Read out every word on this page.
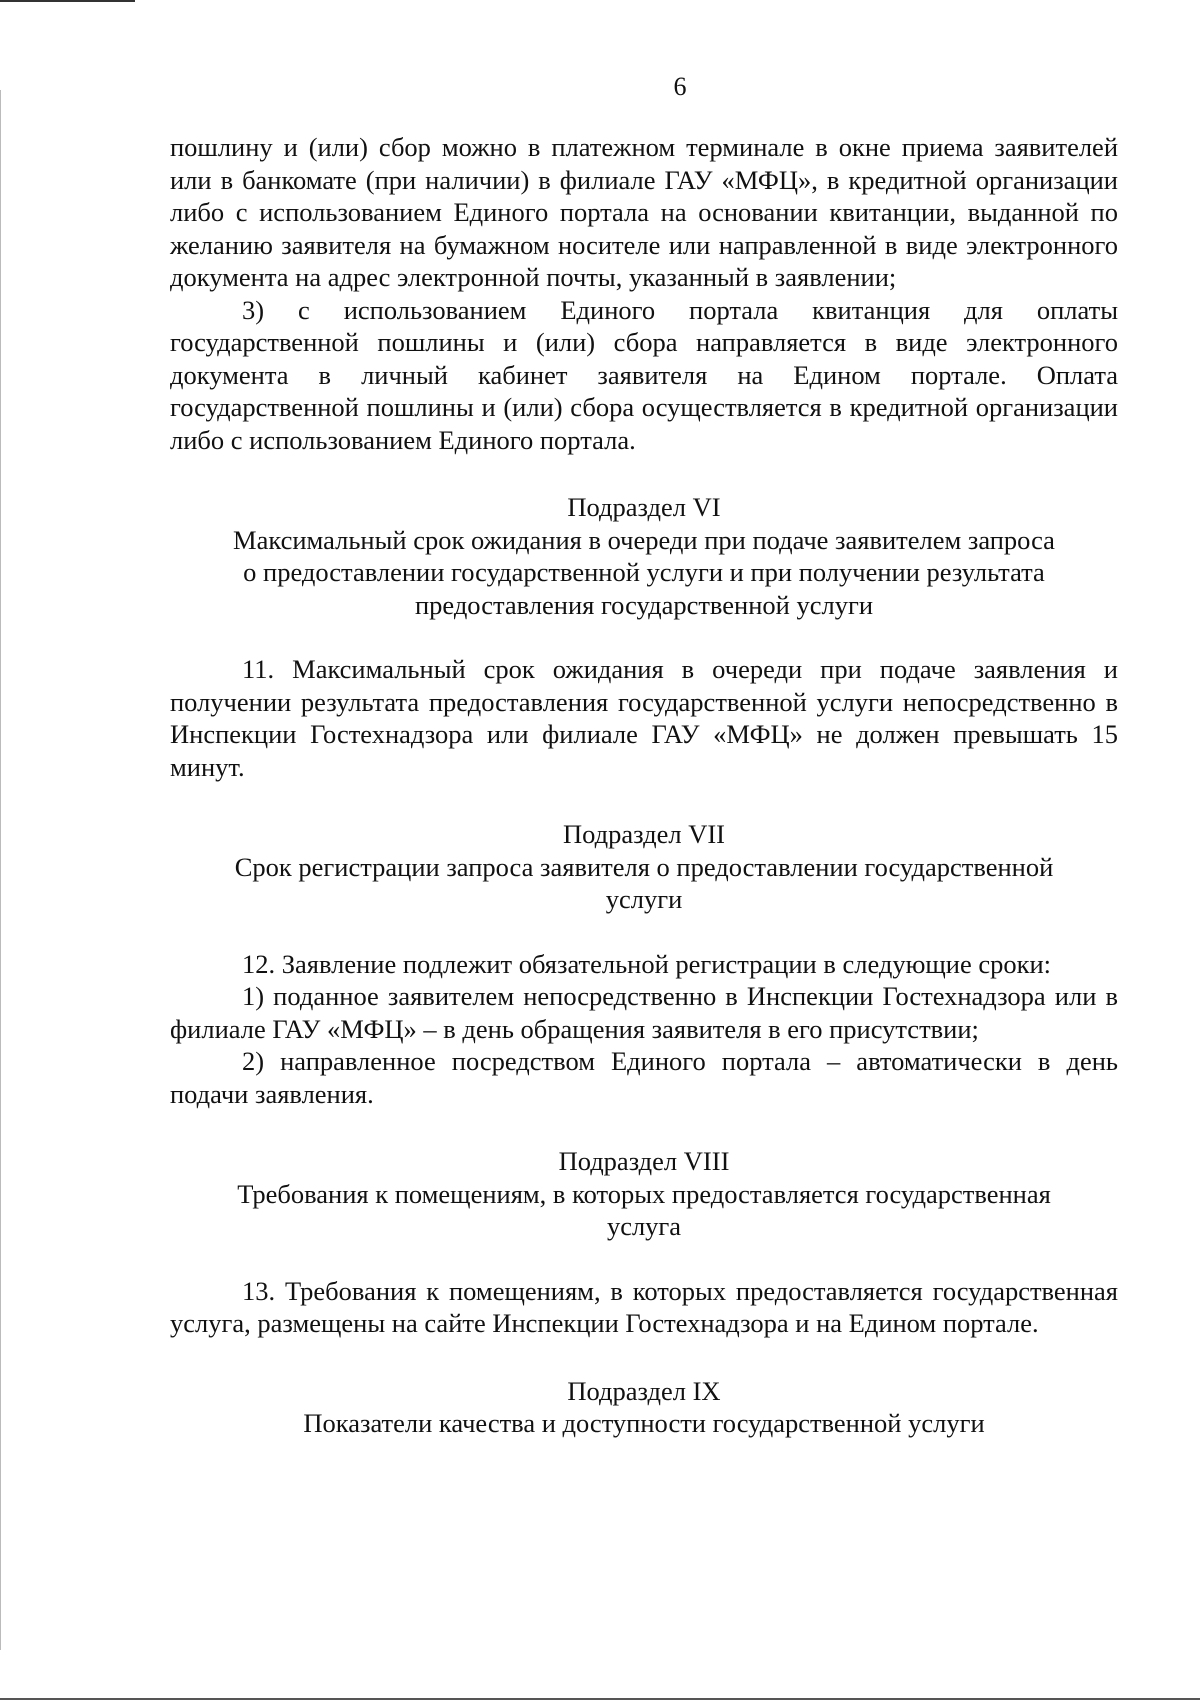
6

пошлину и (или) сбор можно в платежном терминале в окне приема заявителей или в банкомате (при наличии) в филиале ГАУ «МФЦ», в кредитной организации либо с использованием Единого портала на основании квитанции, выданной по желанию заявителя на бумажном носителе или направленной в виде электронного документа на адрес электронной почты, указанный в заявлении;

3) с использованием Единого портала квитанция для оплаты государственной пошлины и (или) сбора направляется в виде электронного документа в личный кабинет заявителя на Едином портале. Оплата государственной пошлины и (или) сбора осуществляется в кредитной организации либо с использованием Единого портала.

Подраздел VI

Максимальный срок ожидания в очереди при подаче заявителем запроса

о предоставлении государственной услуги и при получении результата

предоставления государственной услуги

11. Максимальный срок ожидания в очереди при подаче заявления и получении результата предоставления государственной услуги непосредственно в Инспекции Гостехнадзора или филиале ГАУ «МФЦ» не должен превышать 15 минут.

Подраздел VII

Срок регистрации запроса заявителя о предоставлении государственной

услуги

12. Заявление подлежит обязательной регистрации в следующие сроки:

1) поданное заявителем непосредственно в Инспекции Гостехнадзора или в филиале ГАУ «МФЦ» – в день обращения заявителя в его присутствии;

2) направленное посредством Единого портала – автоматически в день подачи заявления.

Подраздел VIII

Требования к помещениям, в которых предоставляется государственная

услуга

13. Требования к помещениям, в которых предоставляется государственная услуга, размещены на сайте Инспекции Гостехнадзора и на Едином портале.

Подраздел IX

Показатели качества и доступности государственной услуги
